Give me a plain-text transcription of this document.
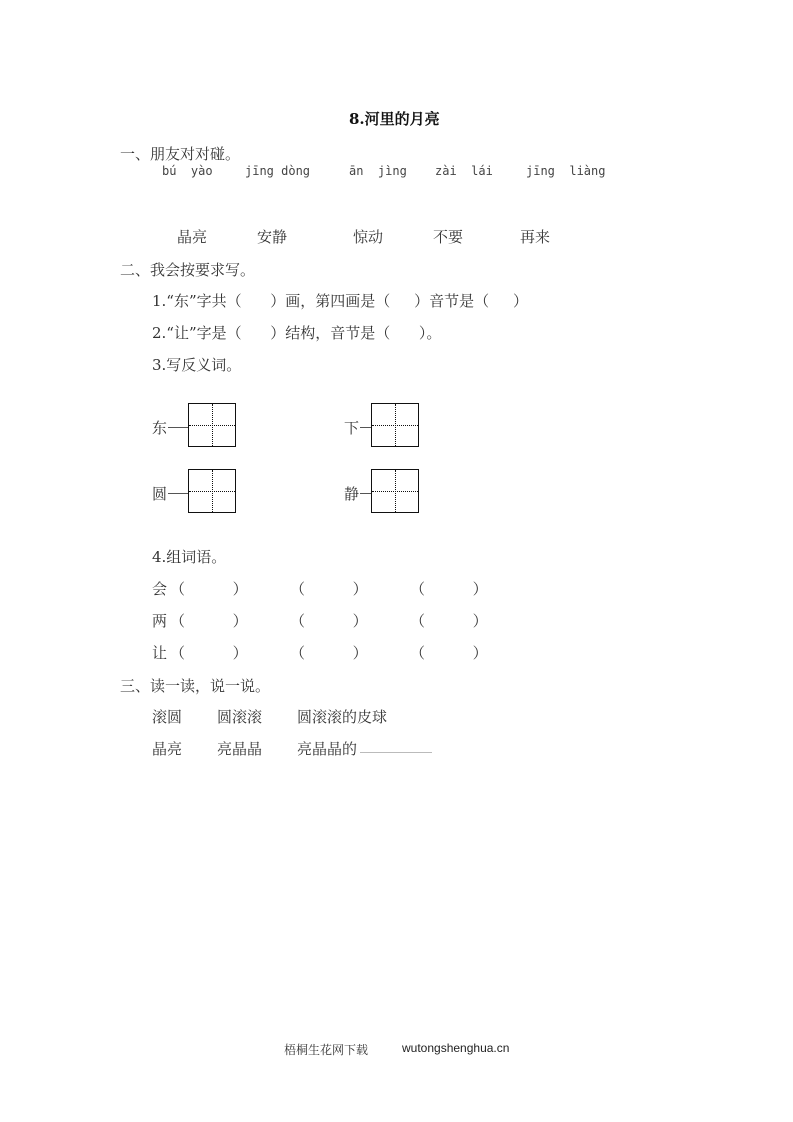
8.河里的月亮
一、朋友对对碰。
bú  yào	jīng dòng	ān  jìng zài  lái	jīng  liàng
晶亮	安静	惊动	不要	再来
二、我会按要求写。
1.“东”字共（      ）画，第四画是（     ）音节是（     ）
2.“让”字是（      ）结构，音节是（      ）。
3.写反义词。
东	下
圆	静
4.组词语。
会 （          ）	（          ）	（          ）
两 （          ）	（          ）	（          ）
让 （          ）	（          ）	（          ）
三、读一读，说一说。
滚圆 圆滚滚 圆滚滚的皮球
晶亮 亮晶晶 亮晶晶的
梧桐生花网下载	wutongshenghua.cn
